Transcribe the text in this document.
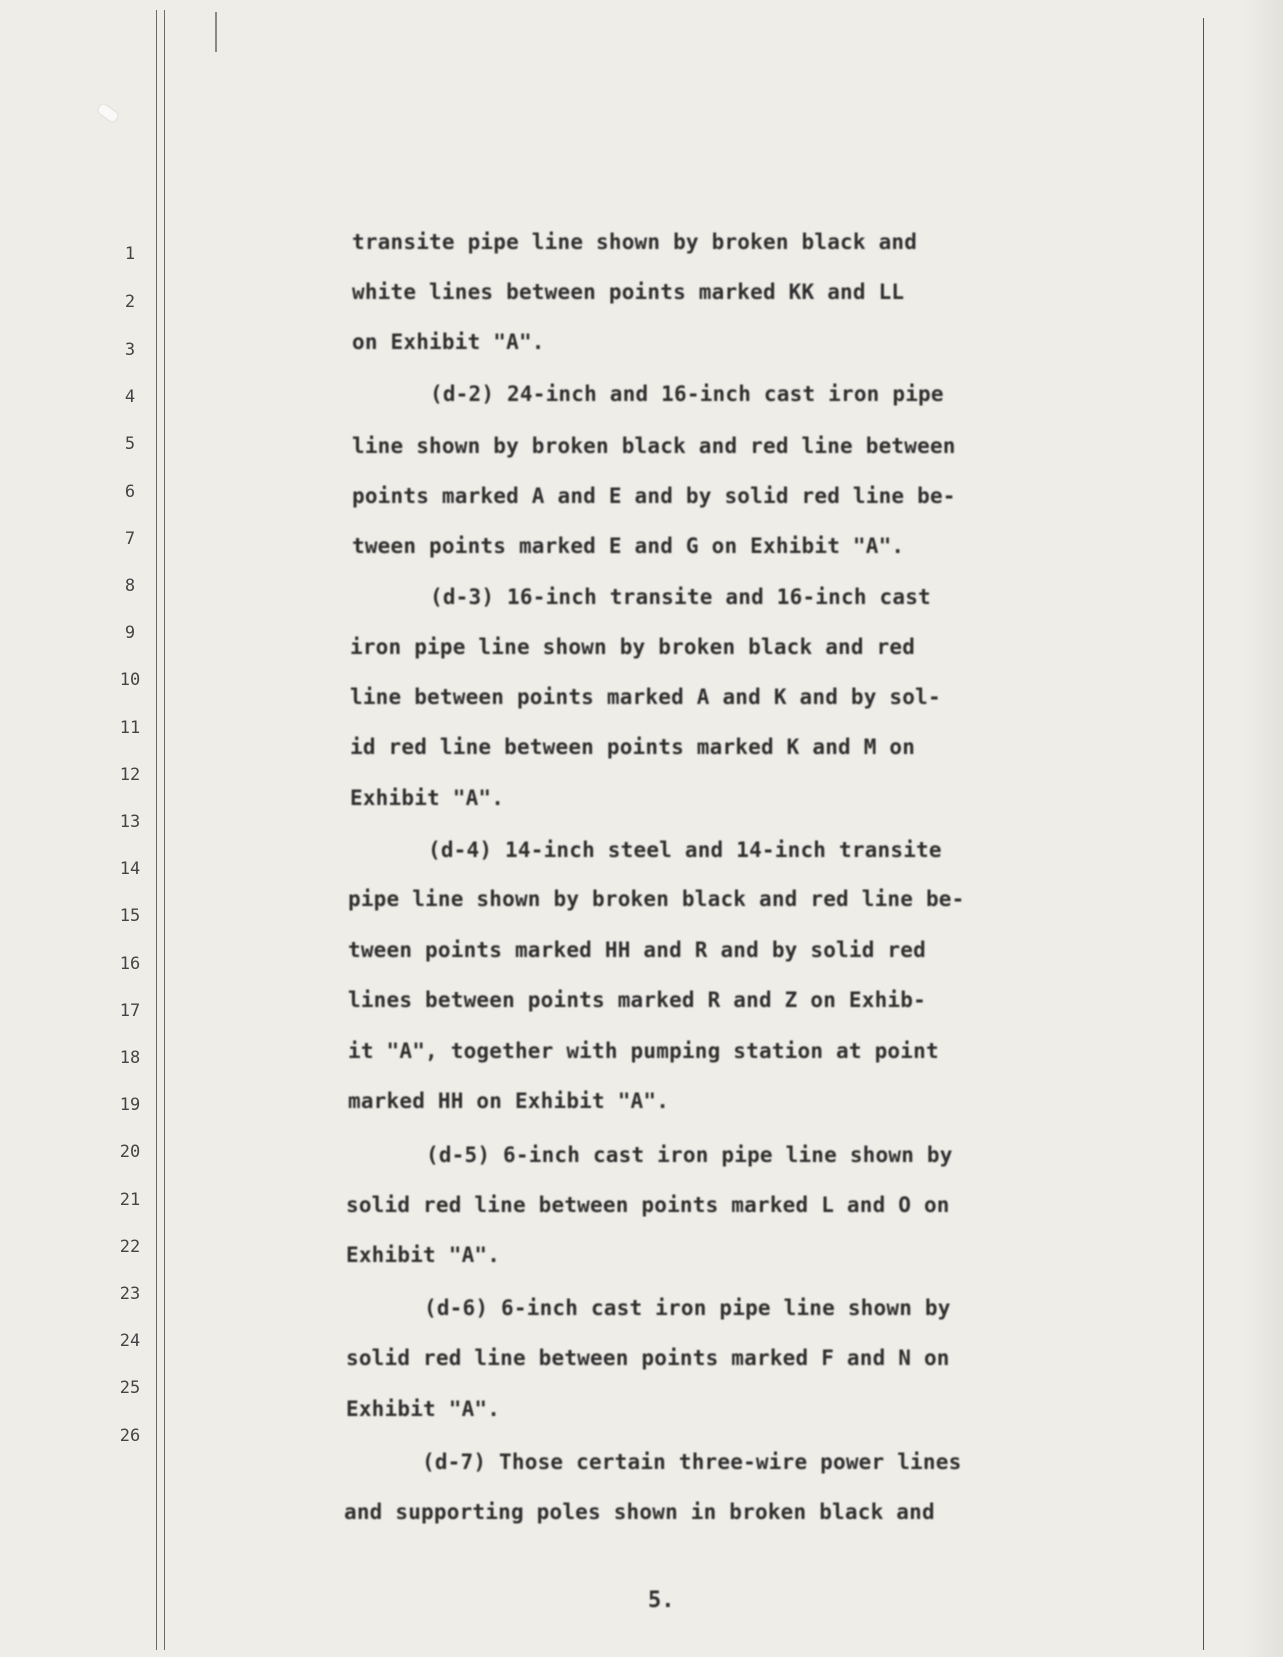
1
2
3
4
5
6
7
8
9
10
11
12
13
14
15
16
17
18
19
20
21
22
23
24
25
26
transite pipe line shown by broken black and
white lines between points marked KK and LL
on Exhibit "A".
(d-2) 24-inch and 16-inch cast iron pipe
line shown by broken black and red line between
points marked A and E and by solid red line be-
tween points marked E and G on Exhibit "A".
(d-3) 16-inch transite and 16-inch cast
iron pipe line shown by broken black and red
line between points marked A and K and by sol-
id red line between points marked K and M on
Exhibit "A".
(d-4) 14-inch steel and 14-inch transite
pipe line shown by broken black and red line be-
tween points marked HH and R and by solid red
lines between points marked R and Z on Exhib-
it "A", together with pumping station at point
marked HH on Exhibit "A".
(d-5) 6-inch cast iron pipe line shown by
solid red line between points marked L and O on
Exhibit "A".
(d-6) 6-inch cast iron pipe line shown by
solid red line between points marked F and N on
Exhibit "A".
(d-7) Those certain three-wire power lines
and supporting poles shown in broken black and
5.
